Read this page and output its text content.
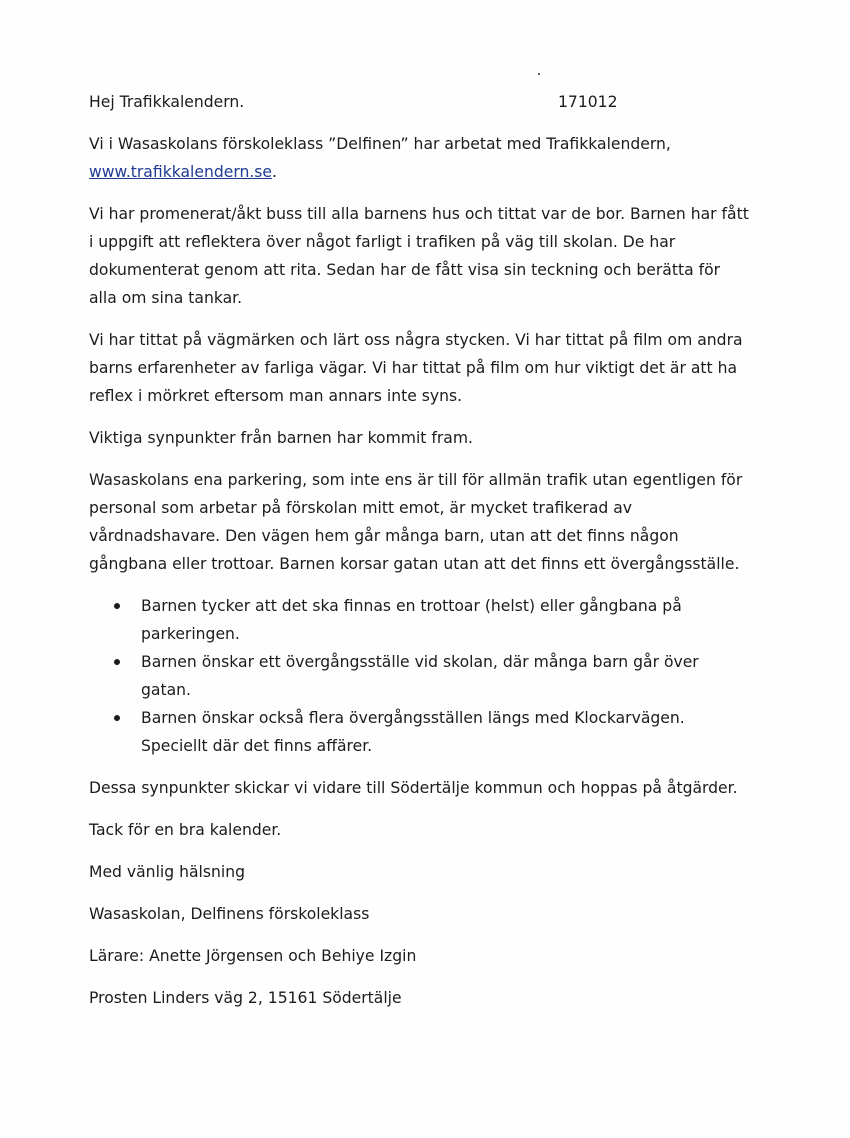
Hej Trafikkalendern.	171012

Vi i Wasaskolans förskoleklass ”Delfinen” har arbetat med Trafikkalendern,
www.trafikkalendern.se.

Vi har promenerat/åkt buss till alla barnens hus och tittat var de bor. Barnen har fått i uppgift att reflektera över något farligt i trafiken på väg till skolan. De har dokumenterat genom att rita. Sedan har de fått visa sin teckning och berätta för alla om sina tankar.

Vi har tittat på vägmärken och lärt oss några stycken. Vi har tittat på film om andra barns erfarenheter av farliga vägar. Vi har tittat på film om hur viktigt det är att ha reflex i mörkret eftersom man annars inte syns.

Viktiga synpunkter från barnen har kommit fram.

Wasaskolans ena parkering, som inte ens är till för allmän trafik utan egentligen för personal som arbetar på förskolan mitt emot, är mycket trafikerad av vårdnadshavare. Den vägen hem går många barn, utan att det finns någon gångbana eller trottoar. Barnen korsar gatan utan att det finns ett övergångsställe.

Barnen tycker att det ska finnas en trottoar (helst) eller gångbana på parkeringen.
Barnen önskar ett övergångsställe vid skolan, där många barn går över gatan.
Barnen önskar också flera övergångsställen längs med Klockarvägen. Speciellt där det finns affärer.

Dessa synpunkter skickar vi vidare till Södertälje kommun och hoppas på åtgärder.

Tack för en bra kalender.

Med vänlig hälsning

Wasaskolan, Delfinens förskoleklass

Lärare: Anette Jörgensen och Behiye Izgin

Prosten Linders väg 2, 15161 Södertälje
